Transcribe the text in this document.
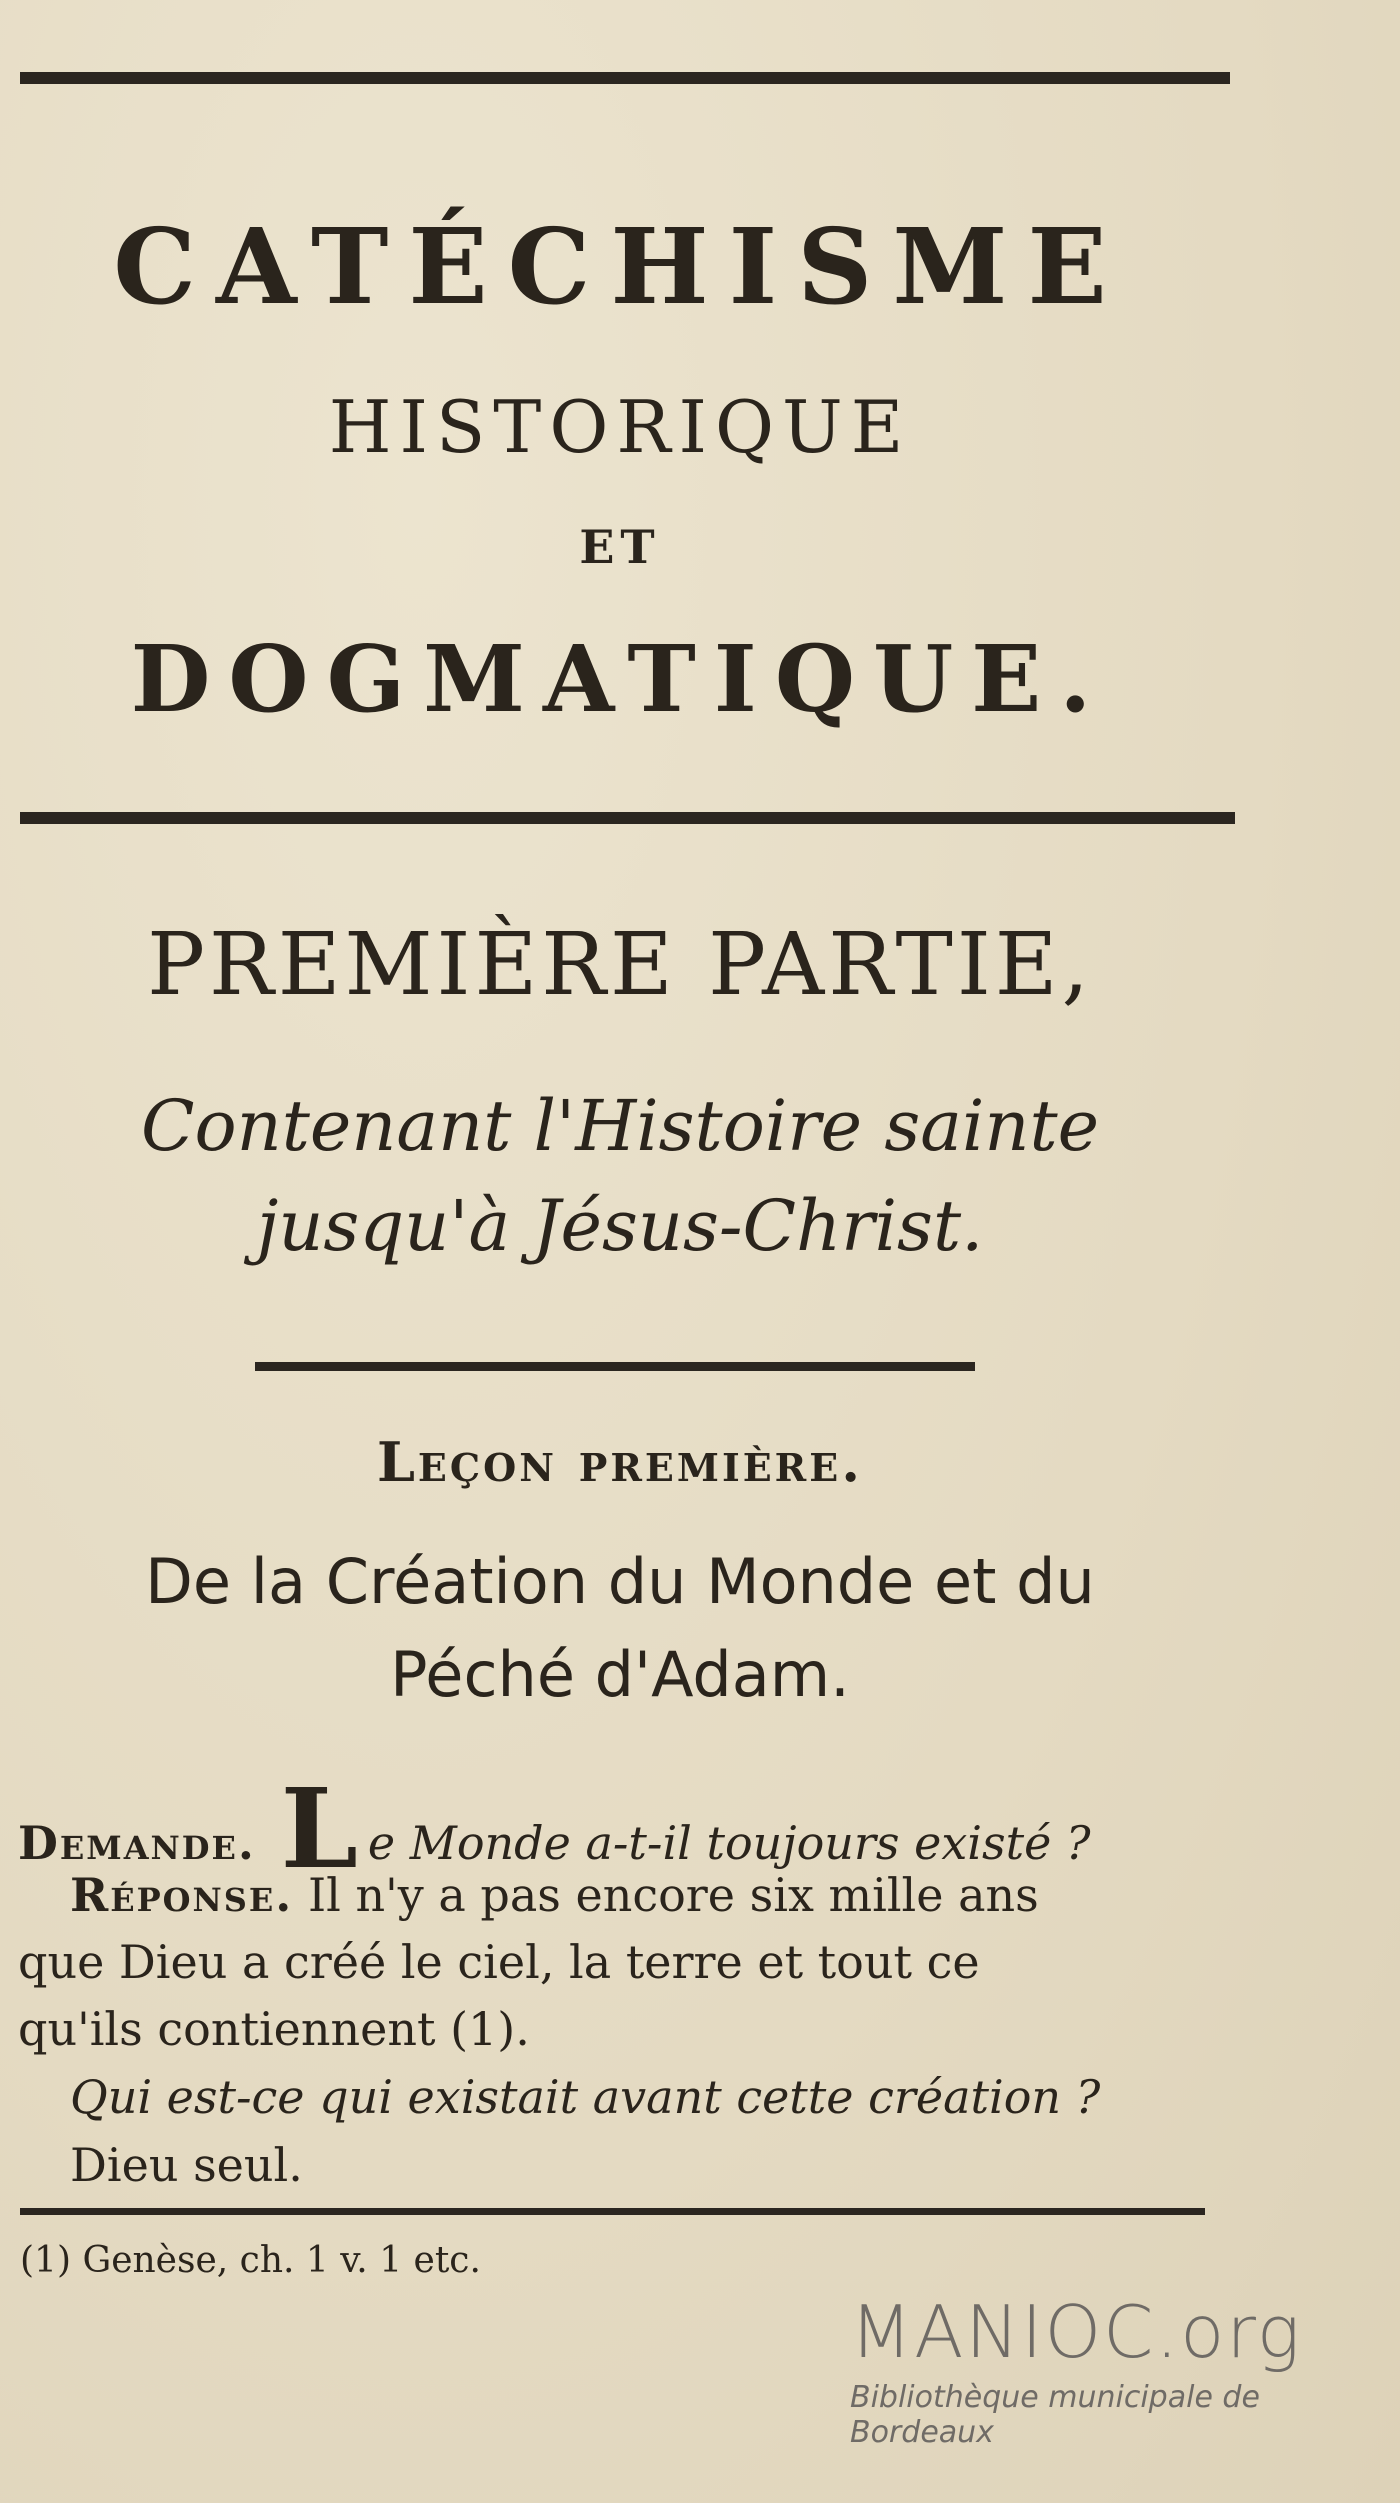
CATÉCHISME
HISTORIQUE
ET
DOGMATIQUE.
PREMIÈRE PARTIE,
Contenant l'Histoire sainte
jusqu'à Jésus-Christ.
Leçon première.
De la Création du Monde et du
Péché d'Adam.
Demande. L e Monde a-t-il toujours existé ?
Réponse. Il n'y a pas encore six mille ans
que Dieu a créé le ciel, la terre et tout ce
qu'ils contiennent (1).
Qui est-ce qui existait avant cette création ?
Dieu seul.
(1) Genèse, ch. 1 v. 1 etc.
MANIOC.org
Bibliothèque municipale de Bordeaux
